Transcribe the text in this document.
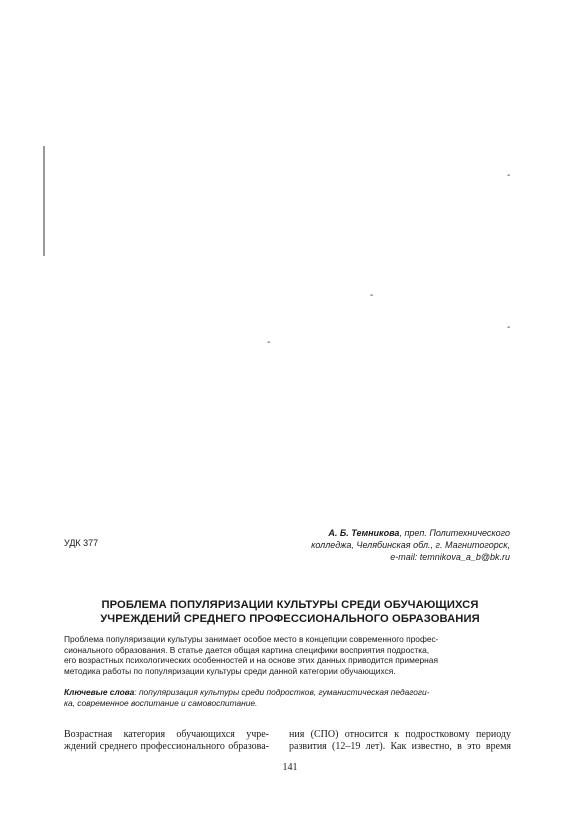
-
-
-
-
УДК 377
А. Б. Темникова, преп. Политехнического
колледжа, Челябинская обл., г. Магнитогорск,
e-mail: temnikova_a_b@bk.ru
ПРОБЛЕМА ПОПУЛЯРИЗАЦИИ КУЛЬТУРЫ СРЕДИ ОБУЧАЮЩИХСЯ
УЧРЕЖДЕНИЙ СРЕДНЕГО ПРОФЕССИОНАЛЬНОГО ОБРАЗОВАНИЯ
Проблема популяризации культуры занимает особое место в концепции современного профес-
сионального образования. В статье дается общая картина специфики восприятия подростка,
его возрастных психологических особенностей и на основе этих данных приводится примерная
методика работы по популяризации культуры среди данной категории обучающихся.
Ключевые слова: популяризация культуры среди подростков, гуманистическая педагоги-
ка, современное воспитание и самовоспитание.
Возрастная категория обучающихся учре-
ждений среднего профессионального образова-
ния (СПО) относится к подростковому периоду
развития (12–19 лет). Как известно, в это время
141
